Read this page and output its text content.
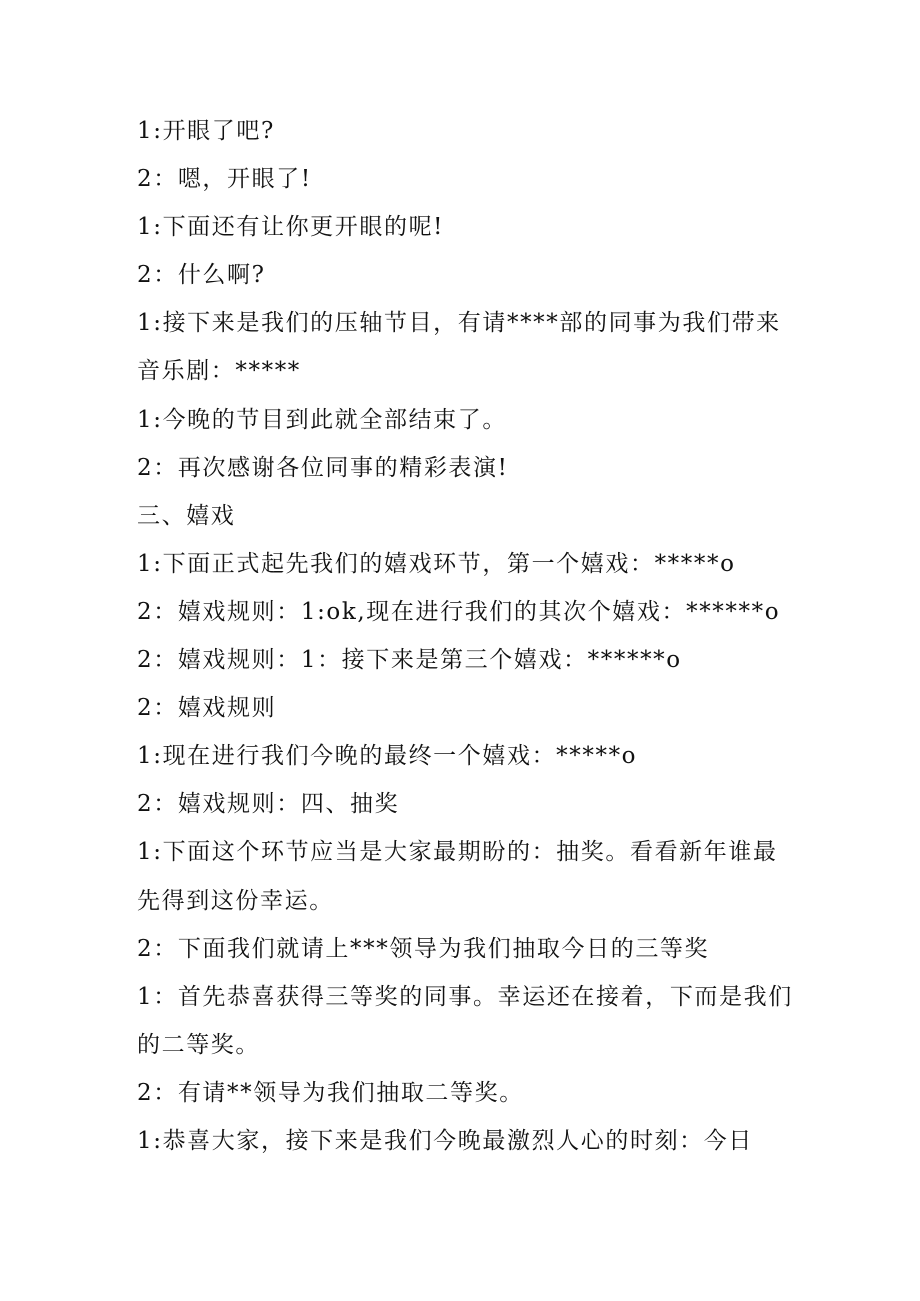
1:开眼了吧?

2：嗯，开眼了!

1:下面还有让你更开眼的呢!

2：什么啊?

1:接下来是我们的压轴节目，有请****部的同事为我们带来音乐剧：*****

1:今晚的节目到此就全部结束了。

2：再次感谢各位同事的精彩表演!

三、嬉戏

1:下面正式起先我们的嬉戏环节，第一个嬉戏：*****o

2：嬉戏规则：1:ok,现在进行我们的其次个嬉戏：******o

2：嬉戏规则：1：接下来是第三个嬉戏：******o

2：嬉戏规则

1:现在进行我们今晚的最终一个嬉戏：*****o

2：嬉戏规则：四、抽奖

1:下面这个环节应当是大家最期盼的：抽奖。看看新年谁最先得到这份幸运。

2：下面我们就请上***领导为我们抽取今日的三等奖

1：首先恭喜获得三等奖的同事。幸运还在接着，下而是我们的二等奖。

2：有请**领导为我们抽取二等奖。

1:恭喜大家，接下来是我们今晚最激烈人心的时刻：今日
